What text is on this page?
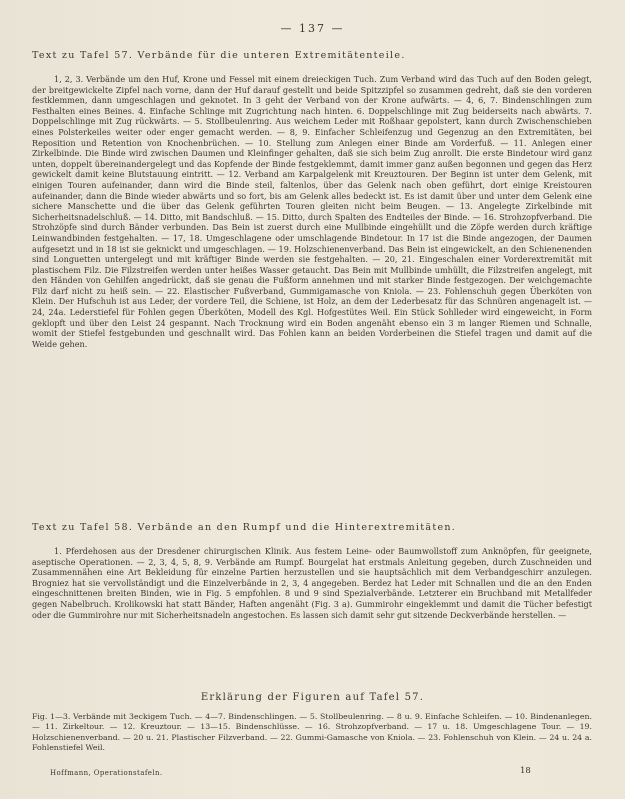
— 137 —
Text zu Tafel 57. Verbände für die unteren Extremitätenteile.

1, 2, 3. Verbände um den Huf, Krone und Fessel mit einem dreieckigen Tuch. Zum Verband wird das Tuch auf den Boden gelegt, der breitgewickelte Zipfel nach vorne, dann der Huf darauf gestellt und beide Spitzzipfel so zusammen gedreht, daß sie den vorderen festklemmen, dann umgeschlagen und geknotet. In 3 geht der Verband von der Krone aufwärts. — 4, 6, 7. Bindenschlingen zum Festhalten eines Beines. 4. Einfache Schlinge mit Zugrichtung nach hinten. 6. Doppelschlinge mit Zug beiderseits nach abwärts. 7. Doppelschlinge mit Zug rückwärts. — 5. Stollbeulenring. Aus weichem Leder mit Roßhaar gepolstert, kann durch Zwischenschieben eines Polsterkeiles weiter oder enger gemacht werden. — 8, 9. Einfacher Schleifenzug und Gegenzug an den Extremitäten, bei Reposition und Retention von Knochenbrüchen. — 10. Stellung zum Anlegen einer Binde am Vorderfuß. — 11. Anlegen einer Zirkelbinde. Die Binde wird zwischen Daumen und Kleinfinger gehalten, daß sie sich beim Zug anrollt. Die erste Bindetour wird ganz unten, doppelt übereinandergelegt und das Kopfende der Binde festgeklemmt, damit immer ganz außen begonnen und gegen das Herz gewickelt damit keine Blutstauung eintritt. — 12. Verband am Karpalgelenk mit Kreuztouren. Der Beginn ist unter dem Gelenk, mit einigen Touren aufeinander, dann wird die Binde steil, faltenlos, über das Gelenk nach oben geführt, dort einige Kreistouren aufeinander, dann die Binde wieder abwärts und so fort, bis am Gelenk alles bedeckt ist. Es ist damit über und unter dem Gelenk eine sichere Manschette und die über das Gelenk geführten Touren gleiten nicht beim Beugen. — 13. Angelegte Zirkelbinde mit Sicherheitsnadelschluß. — 14. Ditto, mit Bandschluß. — 15. Ditto, durch Spalten des Endteiles der Binde. — 16. Strohzopfverband. Die Strohzöpfe sind durch Bänder verbunden. Das Bein ist zuerst durch eine Mullbinde eingehüllt und die Zöpfe werden durch kräftige Leinwandbinden festgehalten. — 17, 18. Umgeschlagene oder umschlagende Bindetour. In 17 ist die Binde angezogen, der Daumen aufgesetzt und in 18 ist sie geknickt und umgeschlagen. — 19. Holzschienenverband. Das Bein ist eingewickelt, an den Schienenenden sind Longuetten untergelegt und mit kräftiger Binde werden sie festgehalten. — 20, 21. Eingeschalen einer Vorderextremität mit plastischem Filz. Die Filzstreifen werden unter heißes Wasser getaucht. Das Bein mit Mullbinde umhüllt, die Filzstreifen angelegt, mit den Händen von Gehilfen angedrückt, daß sie genau die Fußform annehmen und mit starker Binde festgezogen. Der weichgemachte Filz darf nicht zu heiß sein. — 22. Elastischer Fußverband, Gummigamasche von Kniola. — 23. Fohlenschuh gegen Überköten von Klein. Der Hufschuh ist aus Leder, der vordere Teil, die Schiene, ist Holz, an dem der Lederbesatz für das Schnüren angenagelt ist. — 24, 24a. Lederstiefel für Fohlen gegen Überköten, Modell des Kgl. Hofgestütes Weil. Ein Stück Sohlleder wird eingeweicht, in Form geklopft und über den Leist 24 gespannt. Nach Trocknung wird ein Boden angenäht ebenso ein 3 m langer Riemen und Schnalle, womit der Stiefel festgebunden und geschnallt wird. Das Fohlen kann an beiden Vorderbeinen die Stiefel tragen und damit auf die Weide gehen.

Text zu Tafel 58. Verbände an den Rumpf und die Hinterextremitäten.

1. Pferdehosen aus der Dresdener chirurgischen Klinik. Aus festem Leine- oder Baumwollstoff zum Anknöpfen, für geeignete, aseptische Operationen. — 2, 3, 4, 5, 8, 9. Verbände am Rumpf. Bourgelat hat erstmals Anleitung gegeben, durch Zuschneiden und Zusammennähen eine Art Bekleidung für einzelne Partien herzustellen und sie hauptsächlich mit dem Verbandgeschirr anzulegen. Brogniez hat sie vervollständigt und die Einzelverbände in 2, 3, 4 angegeben. Berdez hat Leder mit Schnallen und die an den Enden eingeschnittenen breiten Binden, wie in Fig. 5 empfohlen. 8 und 9 sind Spezialverbände. Letzterer ein Bruchband mit Metallfeder gegen Nabelbruch. Krolikowski hat statt Bänder, Haften angenäht (Fig. 3 a). Gummirohr eingeklemmt und damit die Tücher befestigt oder die Gummirohre nur mit Sicherheitsnadeln angestochen. Es lassen sich damit sehr gut sitzende Deckverbände herstellen. —

Erklärung der Figuren auf Tafel 57.
Fig. 1—3. Verbände mit 3eckigem Tuch. — 4—7. Bindenschlingen. — 5. Stollbeulenring. — 8 u. 9. Einfache Schleifen. — 10. Bindenanlegen. — 11. Zirkeltour. — 12. Kreuztour. — 13—15. Bindenschlüsse. — 16. Strohzopfverband. — 17 u. 18. Umgeschlagene Tour. — 19. Holzschienenverband. — 20 u. 21. Plastischer Filzverband. — 22. Gummi-Gamasche von Kniola. — 23. Fohlenschuh von Klein. — 24 u. 24 a. Fohlenstiefel Weil.
Hoffmann, Operationstafeln.	18
